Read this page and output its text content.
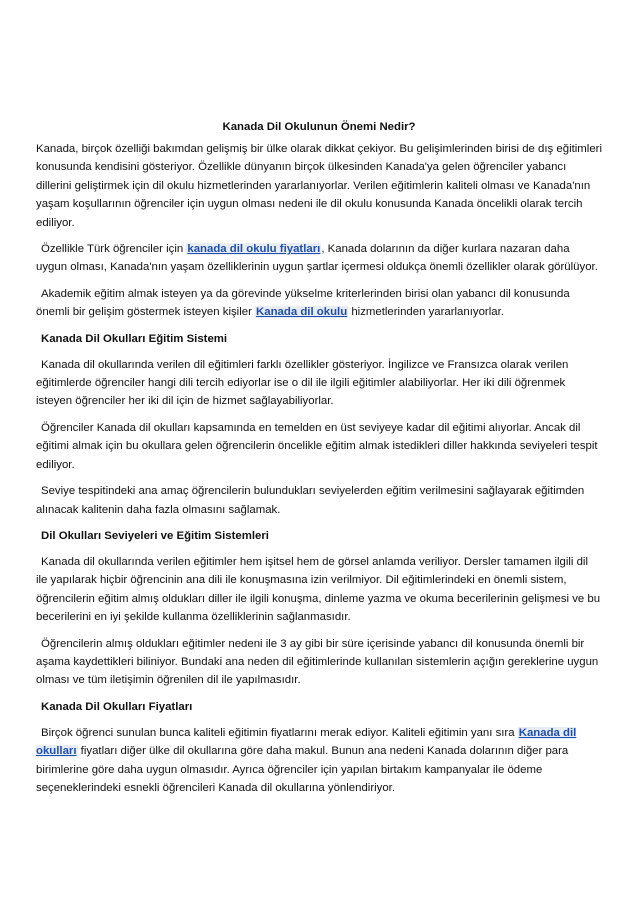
Kanada Dil Okulunun Önemi Nedir?

Kanada, birçok özelliği bakımdan gelişmiş bir ülke olarak dikkat çekiyor. Bu gelişimlerinden birisi de dış eğitimleri konusunda kendisini gösteriyor. Özellikle dünyanın birçok ülkesinden Kanada'ya gelen öğrenciler yabancı dillerini geliştirmek için dil okulu hizmetlerinden yararlanıyorlar. Verilen eğitimlerin kaliteli olması ve Kanada'nın yaşam koşullarının öğrenciler için uygun olması nedeni ile dil okulu konusunda Kanada öncelikli olarak tercih ediliyor.

Özellikle Türk öğrenciler için kanada dil okulu fiyatları, Kanada dolarının da diğer kurlara nazaran daha uygun olması, Kanada'nın yaşam özelliklerinin uygun şartlar içermesi oldukça önemli özellikler olarak görülüyor.

Akademik eğitim almak isteyen ya da görevinde yükselme kriterlerinden birisi olan yabancı dil konusunda önemli bir gelişim göstermek isteyen kişiler Kanada dil okulu hizmetlerinden yararlanıyorlar.

Kanada Dil Okulları Eğitim Sistemi

Kanada dil okullarında verilen dil eğitimleri farklı özellikler gösteriyor. İngilizce ve Fransızca olarak verilen eğitimlerde öğrenciler hangi dili tercih ediyorlar ise o dil ile ilgili eğitimler alabiliyorlar. Her iki dili öğrenmek isteyen öğrenciler her iki dil için de hizmet sağlayabiliyorlar.

Öğrenciler Kanada dil okulları kapsamında en temelden en üst seviyeye kadar dil eğitimi alıyorlar. Ancak dil eğitimi almak için bu okullara gelen öğrencilerin öncelikle eğitim almak istedikleri diller hakkında seviyeleri tespit ediliyor.

Seviye tespitindeki ana amaç öğrencilerin bulundukları seviyelerden eğitim verilmesini sağlayarak eğitimden alınacak kalitenin daha fazla olmasını sağlamak.

Dil Okulları Seviyeleri ve Eğitim Sistemleri

Kanada dil okullarında verilen eğitimler hem işitsel hem de görsel anlamda veriliyor. Dersler tamamen ilgili dil ile yapılarak hiçbir öğrencinin ana dili ile konuşmasına izin verilmiyor. Dil eğitimlerindeki en önemli sistem, öğrencilerin eğitim almış oldukları diller ile ilgili konuşma, dinleme yazma ve okuma becerilerinin gelişmesi ve bu becerilerini en iyi şekilde kullanma özelliklerinin sağlanmasıdır.

Öğrencilerin almış oldukları eğitimler nedeni ile 3 ay gibi bir süre içerisinde yabancı dil konusunda önemli bir aşama kaydettikleri biliniyor. Bundaki ana neden dil eğitimlerinde kullanılan sistemlerin açığın gereklerine uygun olması ve tüm iletişimin öğrenilen dil ile yapılmasıdır.

Kanada Dil Okulları Fiyatları

Birçok öğrenci sunulan bunca kaliteli eğitimin fiyatlarını merak ediyor. Kaliteli eğitimin yanı sıra Kanada dil okulları fiyatları diğer ülke dil okullarına göre daha makul. Bunun ana nedeni Kanada dolarının diğer para birimlerine göre daha uygun olmasıdır. Ayrıca öğrenciler için yapılan birtakım kampanyalar ile ödeme seçeneklerindeki esnekli öğrencileri Kanada dil okullarına yönlendiriyor.
